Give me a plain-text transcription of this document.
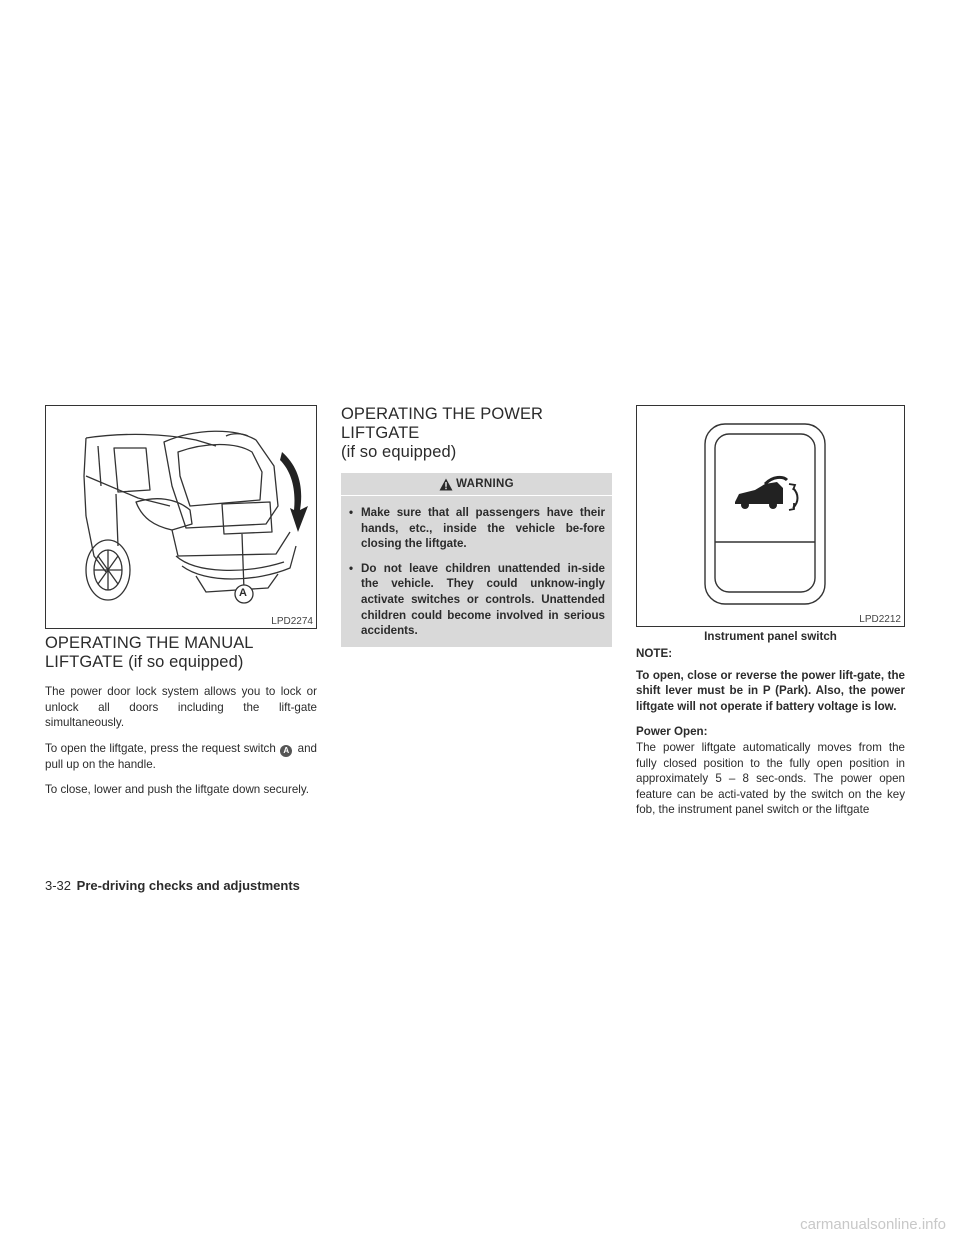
A
LPD2274
OPERATING THE MANUAL
LIFTGATE (if so equipped)

The power door lock system allows you to lock or unlock all doors including the lift-gate simultaneously.

To open the liftgate, press the request switch A and pull up on the handle.

To close, lower and push the liftgate down securely.

OPERATING THE POWER LIFTGATE
(if so equipped)
WARNING
• Make sure that all passengers have their hands, etc., inside the vehicle be-fore closing the liftgate.
• Do not leave children unattended in-side the vehicle. They could unknow-ingly activate switches or controls. Unattended children could become involved in serious accidents.
LPD2212
Instrument panel switch
NOTE:
To open, close or reverse the power lift-gate, the shift lever must be in P (Park). Also, the power liftgate will not operate if battery voltage is low.
Power Open:

The power liftgate automatically moves from the fully closed position to the fully open position in approximately 5 – 8 sec-onds. The power open feature can be acti-vated by the switch on the key fob, the instrument panel switch or the liftgate

3-32 Pre-driving checks and adjustments
carmanualsonline.info
